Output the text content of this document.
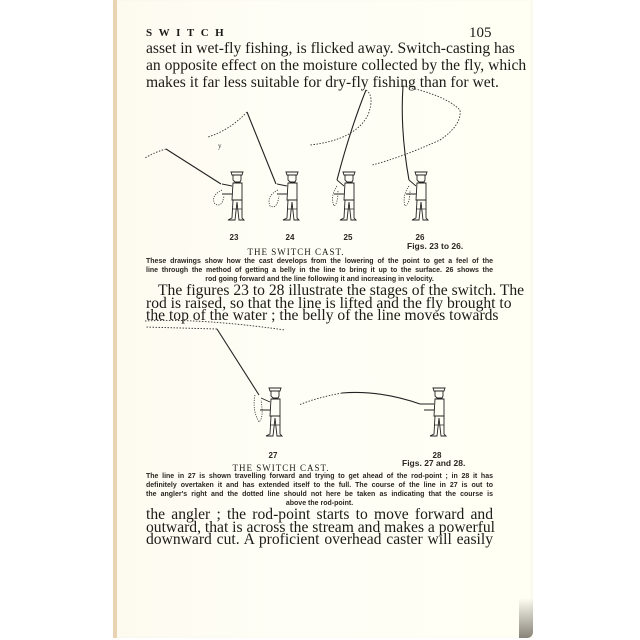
SWITCH	105
asset in wet-fly fishing, is flicked away. Switch-casting has
an opposite effect on the moisture collected by the fly, which
makes it far less suitable for dry-fly fishing than for wet.
y
23	24	25	26
Figs. 23 to 26.
THE SWITCH CAST.
These drawings show how the cast develops from the lowering of the point to get a feel of the
line through the method of getting a belly in the line to bring it up to the surface. 26 shows the
rod going forward and the line following it and increasing in velocity.
The figures 23 to 28 illustrate the stages of the switch. The
rod is raised, so that the line is lifted and the fly brought to
the top of the water ; the belly of the line moves towards
27	28
Figs. 27 and 28.
THE SWITCH CAST.
The line in 27 is shown travelling forward and trying to get ahead of the rod-point ; in 28 it has
definitely overtaken it and has extended itself to the full. The course of the line in 27 is out to
the angler's right and the dotted line should not here be taken as indicating that the course is
above the rod-point.
the angler ; the rod-point starts to move forward and
outward, that is across the stream and makes a powerful
downward cut. A proficient overhead caster will easily
